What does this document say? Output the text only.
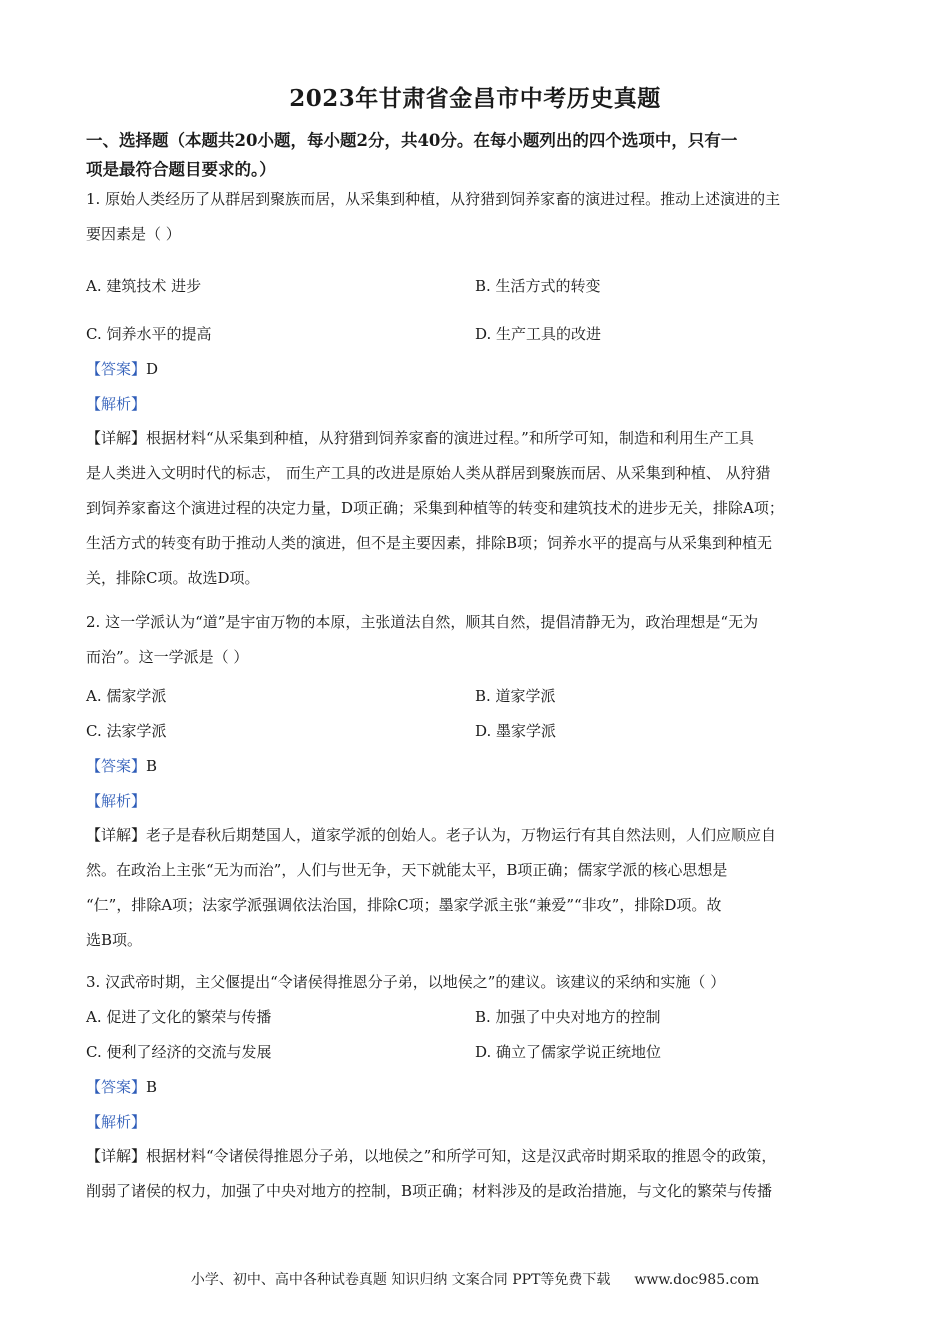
2023年甘肃省金昌市中考历史真题
一、选择题（本题共20小题，每小题2分，共40分。在每小题列出的四个选项中，只有一
项是最符合题目要求的。）
1. 原始人类经历了从群居到聚族而居，从采集到种植，从狩猎到饲养家畜的演进过程。推动上述演进的主
要因素是（ ）
A. 建筑技术 进步	B. 生活方式的转变
C. 饲养水平的提高	D. 生产工具的改进
【答案】D
【解析】
【详解】根据材料“从采集到种植，从狩猎到饲养家畜的演进过程。”和所学可知，制造和利用生产工具
是人类进入文明时代的标志， 而生产工具的改进是原始人类从群居到聚族而居、从采集到种植、 从狩猎
到饲养家畜这个演进过程的决定力量，D项正确；采集到种植等的转变和建筑技术的进步无关，排除A项；
生活方式的转变有助于推动人类的演进，但不是主要因素，排除B项；饲养水平的提高与从采集到种植无
关，排除C项。故选D项。
2. 这一学派认为“道”是宇宙万物的本原，主张道法自然，顺其自然，提倡清静无为，政治理想是“无为
而治”。这一学派是（ ）
A. 儒家学派	B. 道家学派
C. 法家学派	D. 墨家学派
【答案】B
【解析】
【详解】老子是春秋后期楚国人，道家学派的创始人。老子认为，万物运行有其自然法则，人们应顺应自
然。在政治上主张“无为而治”，人们与世无争，天下就能太平，B项正确；儒家学派的核心思想是
“仁”，排除A项；法家学派强调依法治国，排除C项；墨家学派主张“兼爱”“非攻”，排除D项。故
选B项。
3. 汉武帝时期，主父偃提出“令诸侯得推恩分子弟，以地侯之”的建议。该建议的采纳和实施（ ）
A. 促进了文化的繁荣与传播	B. 加强了中央对地方的控制
C. 便利了经济的交流与发展	D. 确立了儒家学说正统地位
【答案】B
【解析】
【详解】根据材料“令诸侯得推恩分子弟，以地侯之”和所学可知，这是汉武帝时期采取的推恩令的政策，
削弱了诸侯的权力，加强了中央对地方的控制，B项正确；材料涉及的是政治措施，与文化的繁荣与传播
小学、初中、高中各种试卷真题 知识归纳 文案合同 PPT等免费下载 www.doc985.com
